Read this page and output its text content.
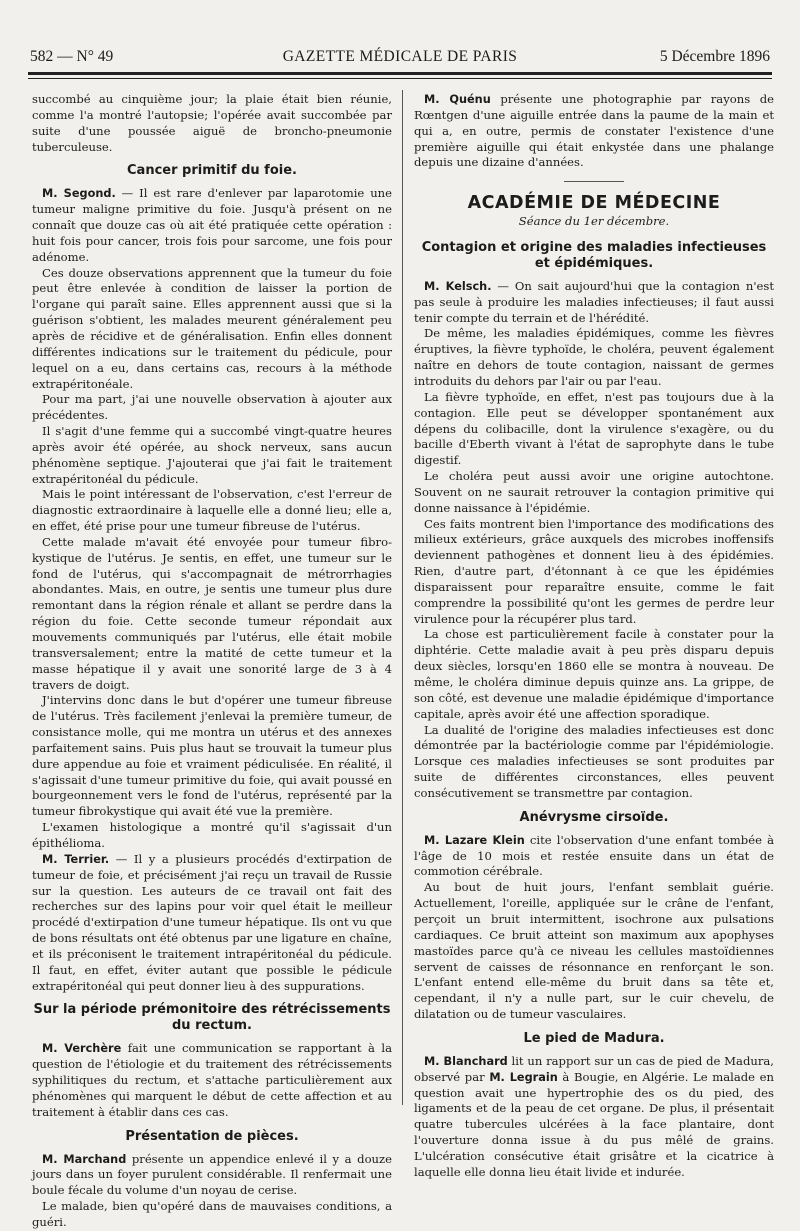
582 — N° 49	GAZETTE MÉDICALE DE PARIS	5 Décembre 1896

succombé au cinquième jour; la plaie était bien réunie, comme l'a montré l'autopsie; l'opérée avait succombée par suite d'une poussée aiguë de broncho-pneumonie tuberculeuse.

Cancer primitif du foie.

M. Segond. — Il est rare d'enlever par laparotomie une tumeur maligne primitive du foie. Jusqu'à présent on ne connaît que douze cas où ait été pratiquée cette opération : huit fois pour cancer, trois fois pour sarcome, une fois pour adénome.

Ces douze observations apprennent que la tumeur du foie peut être enlevée à condition de laisser la portion de l'organe qui paraît saine. Elles apprennent aussi que si la guérison s'obtient, les malades meurent généralement peu après de récidive et de généralisation. Enfin elles donnent différentes indications sur le traitement du pédicule, pour lequel on a eu, dans certains cas, recours à la méthode extrapéritonéale.

Pour ma part, j'ai une nouvelle observation à ajouter aux précédentes.

Il s'agit d'une femme qui a succombé vingt-quatre heures après avoir été opérée, au shock nerveux, sans aucun phénomène septique. J'ajouterai que j'ai fait le traitement extrapéritonéal du pédicule.

Mais le point intéressant de l'observation, c'est l'erreur de diagnostic extraordinaire à laquelle elle a donné lieu; elle a, en effet, été prise pour une tumeur fibreuse de l'utérus.

Cette malade m'avait été envoyée pour tumeur fibro-kystique de l'utérus. Je sentis, en effet, une tumeur sur le fond de l'utérus, qui s'accompagnait de métrorrhagies abondantes. Mais, en outre, je sentis une tumeur plus dure remontant dans la région rénale et allant se perdre dans la région du foie. Cette seconde tumeur répondait aux mouvements communiqués par l'utérus, elle était mobile transversalement; entre la matité de cette tumeur et la masse hépatique il y avait une sonorité large de 3 à 4 travers de doigt.

J'intervins donc dans le but d'opérer une tumeur fibreuse de l'utérus. Très facilement j'enlevai la première tumeur, de consistance molle, qui me montra un utérus et des annexes parfaitement sains. Puis plus haut se trouvait la tumeur plus dure appendue au foie et vraiment pédiculisée. En réalité, il s'agissait d'une tumeur primitive du foie, qui avait poussé en bourgeonnement vers le fond de l'utérus, représenté par la tumeur fibrokystique qui avait été vue la première.

L'examen histologique a montré qu'il s'agissait d'un épithélioma.

M. Terrier. — Il y a plusieurs procédés d'extirpation de tumeur de foie, et précisément j'ai reçu un travail de Russie sur la question. Les auteurs de ce travail ont fait des recherches sur des lapins pour voir quel était le meilleur procédé d'extirpation d'une tumeur hépatique. Ils ont vu que de bons résultats ont été obtenus par une ligature en chaîne, et ils préconisent le traitement intrapéritonéal du pédicule. Il faut, en effet, éviter autant que possible le pédicule extrapéritonéal qui peut donner lieu à des suppurations.

Sur la période prémonitoire des rétrécissements du rectum.

M. Verchère fait une communication se rapportant à la question de l'étiologie et du traitement des rétrécissements syphilitiques du rectum, et s'attache particulièrement aux phénomènes qui marquent le début de cette affection et au traitement à établir dans ces cas.

Présentation de pièces.

M. Marchand présente un appendice enlevé il y a douze jours dans un foyer purulent considérable. Il renfermait une boule fécale du volume d'un noyau de cerise.

Le malade, bien qu'opéré dans de mauvaises conditions, a guéri.

M. Quénu présente une photographie par rayons de Rœntgen d'une aiguille entrée dans la paume de la main et qui a, en outre, permis de constater l'existence d'une première aiguille qui était enkystée dans une phalange depuis une dizaine d'années.

ACADÉMIE DE MÉDECINE

Séance du 1er décembre.

Contagion et origine des maladies infectieuses et épidémiques.

M. Kelsch. — On sait aujourd'hui que la contagion n'est pas seule à produire les maladies infectieuses; il faut aussi tenir compte du terrain et de l'hérédité.

De même, les maladies épidémiques, comme les fièvres éruptives, la fièvre typhoïde, le choléra, peuvent également naître en dehors de toute contagion, naissant de germes introduits du dehors par l'air ou par l'eau.

La fièvre typhoïde, en effet, n'est pas toujours due à la contagion. Elle peut se développer spontanément aux dépens du colibacille, dont la virulence s'exagère, ou du bacille d'Eberth vivant à l'état de saprophyte dans le tube digestif.

Le choléra peut aussi avoir une origine autochtone. Souvent on ne saurait retrouver la contagion primitive qui donne naissance à l'épidémie.

Ces faits montrent bien l'importance des modifications des milieux extérieurs, grâce auxquels des microbes inoffensifs deviennent pathogènes et donnent lieu à des épidémies. Rien, d'autre part, d'étonnant à ce que les épidémies disparaissent pour reparaître ensuite, comme le fait comprendre la possibilité qu'ont les germes de perdre leur virulence pour la récupérer plus tard.

La chose est particulièrement facile à constater pour la diphtérie. Cette maladie avait à peu près disparu depuis deux siècles, lorsqu'en 1860 elle se montra à nouveau. De même, le choléra diminue depuis quinze ans. La grippe, de son côté, est devenue une maladie épidémique d'importance capitale, après avoir été une affection sporadique.

La dualité de l'origine des maladies infectieuses est donc démontrée par la bactériologie comme par l'épidémiologie. Lorsque ces maladies infectieuses se sont produites par suite de différentes circonstances, elles peuvent consécutivement se transmettre par contagion.

Anévrysme cirsoïde.

M. Lazare Klein cite l'observation d'une enfant tombée à l'âge de 10 mois et restée ensuite dans un état de commotion cérébrale.

Au bout de huit jours, l'enfant semblait guérie. Actuellement, l'oreille, appliquée sur le crâne de l'enfant, perçoit un bruit intermittent, isochrone aux pulsations cardiaques. Ce bruit atteint son maximum aux apophyses mastoïdes parce qu'à ce niveau les cellules mastoïdiennes servent de caisses de résonnance en renforçant le son. L'enfant entend elle-même du bruit dans sa tête et, cependant, il n'y a nulle part, sur le cuir chevelu, de dilatation ou de tumeur vasculaires.

Le pied de Madura.

M. Blanchard lit un rapport sur un cas de pied de Madura, observé par M. Legrain à Bougie, en Algérie. Le malade en question avait une hypertrophie des os du pied, des ligaments et de la peau de cet organe. De plus, il présentait quatre tubercules ulcérées à la face plantaire, dont l'ouverture donna issue à du pus mêlé de grains. L'ulcération consécutive était grisâtre et la cicatrice à laquelle elle donna lieu était livide et indurée.
